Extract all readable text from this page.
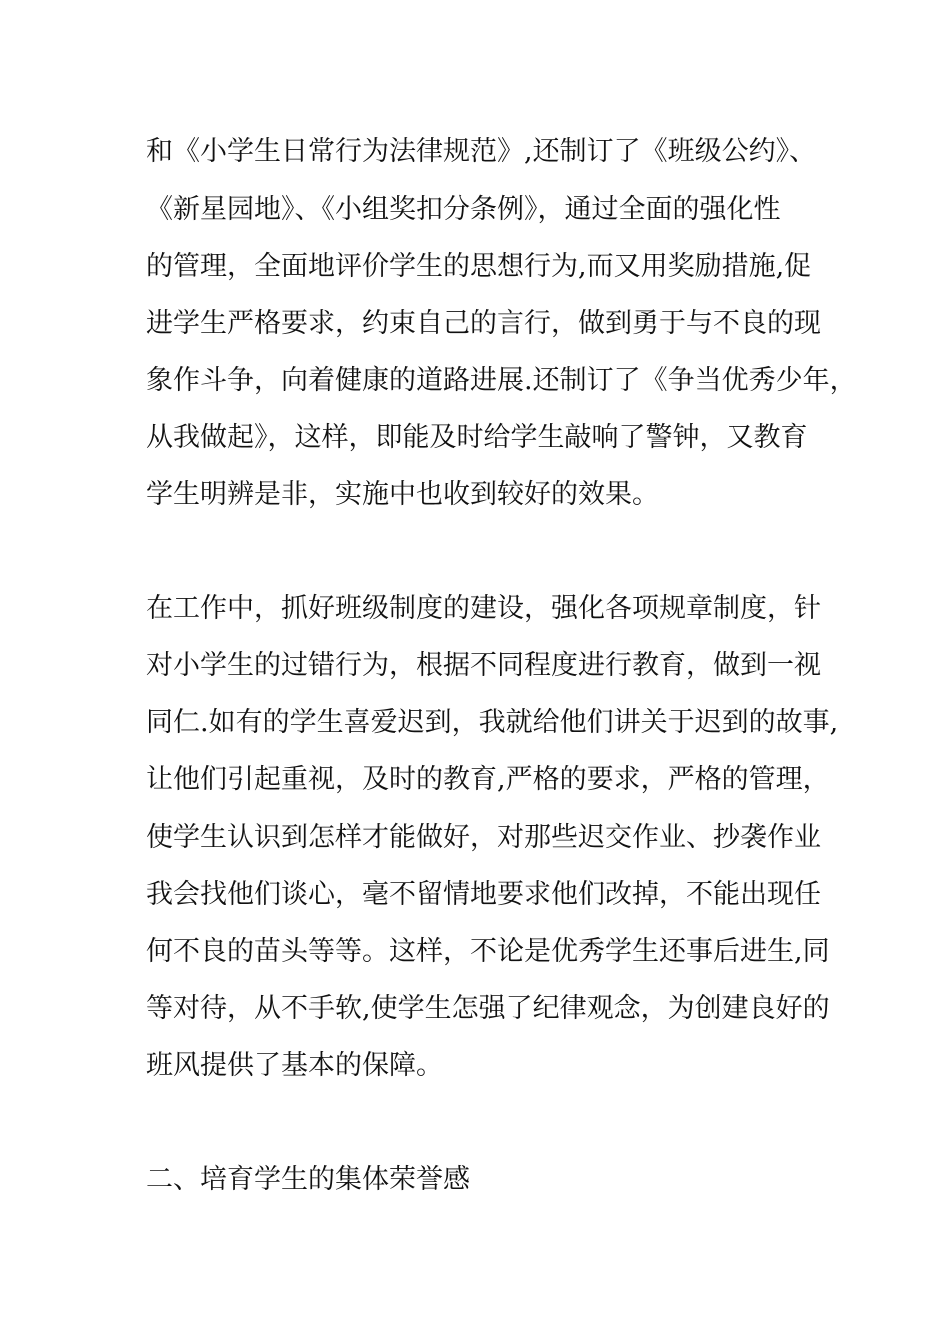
和《小学生日常行为法律规范》,还制订了《班级公约》、
《新星园地》、《小组奖扣分条例》，通过全面的强化性
的管理，全面地评价学生的思想行为,而又用奖励措施,促
进学生严格要求，约束自己的言行，做到勇于与不良的现
象作斗争，向着健康的道路进展.还制订了《争当优秀少年，
从我做起》，这样，即能及时给学生敲响了警钟，又教育
学生明辨是非，实施中也收到较好的效果。
在工作中，抓好班级制度的建设，强化各项规章制度，针
对小学生的过错行为，根据不同程度进行教育，做到一视
同仁.如有的学生喜爱迟到，我就给他们讲关于迟到的故事,
让他们引起重视，及时的教育,严格的要求，严格的管理，
使学生认识到怎样才能做好，对那些迟交作业、抄袭作业
我会找他们谈心，毫不留情地要求他们改掉，不能出现任
何不良的苗头等等。这样，不论是优秀学生还事后进生,同
等对待，从不手软,使学生怎强了纪律观念，为创建良好的
班风提供了基本的保障。
二、培育学生的集体荣誉感
